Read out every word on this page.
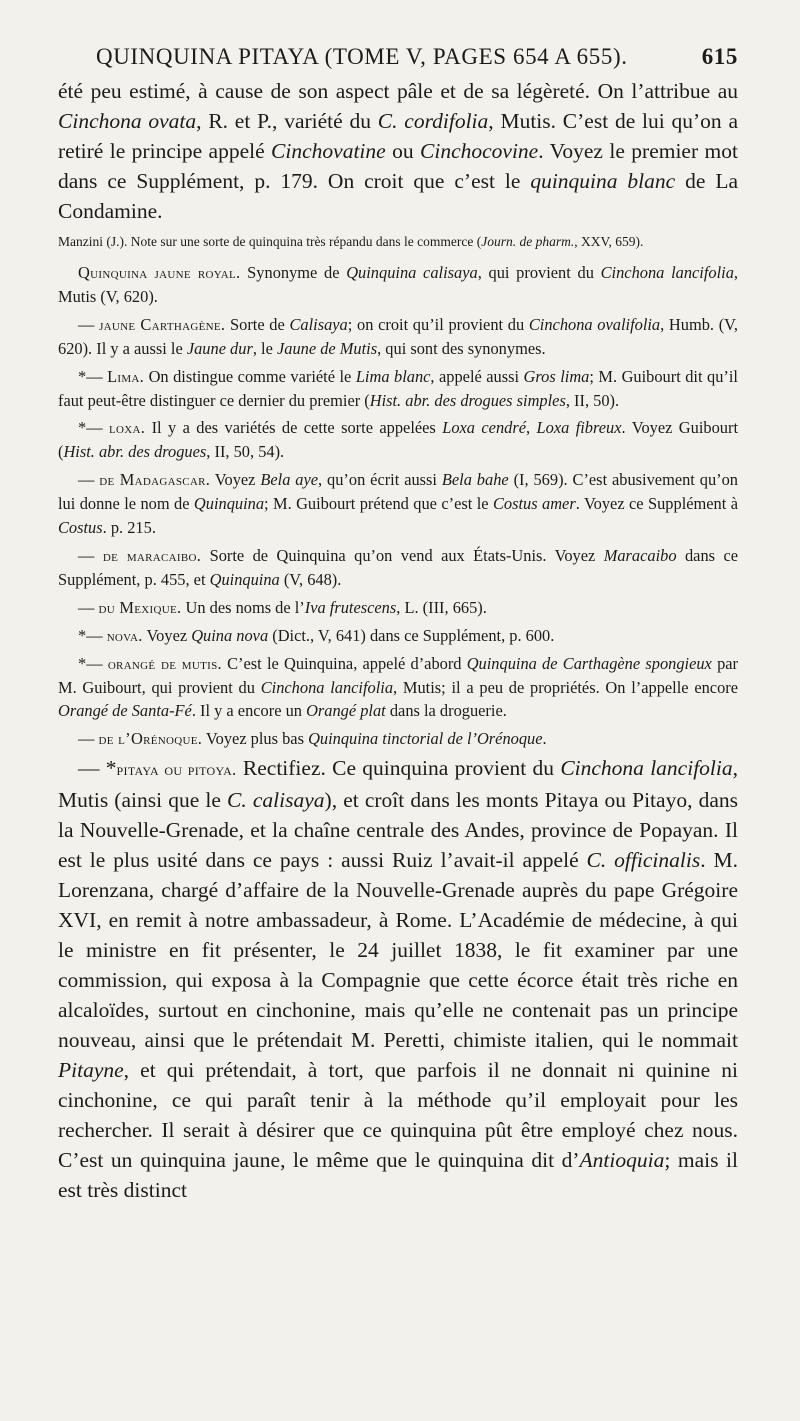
QUINQUINA PITAYA (TOME V, PAGES 654 A 655).	615

été peu estimé, à cause de son aspect pâle et de sa légèreté. On l’attribue au Cinchona ovata, R. et P., variété du C. cordifolia, Mutis. C’est de lui qu’on a retiré le principe appelé Cinchovatine ou Cinchocovine. Voyez le premier mot dans ce Supplément, p. 179. On croit que c’est le quinquina blanc de La Condamine.

Manzini (J.). Note sur une sorte de quinquina très répandu dans le commerce (Journ. de pharm., XXV, 659).

Quinquina jaune royal. Synonyme de Quinquina calisaya, qui provient du Cinchona lancifolia, Mutis (V, 620).

— jaune Carthagène. Sorte de Calisaya; on croit qu’il provient du Cinchona ovalifolia, Humb. (V, 620). Il y a aussi le Jaune dur, le Jaune de Mutis, qui sont des synonymes.

*— Lima. On distingue comme variété le Lima blanc, appelé aussi Gros lima; M. Guibourt dit qu’il faut peut-être distinguer ce dernier du premier (Hist. abr. des drogues simples, II, 50).

*— loxa. Il y a des variétés de cette sorte appelées Loxa cendré, Loxa fibreux. Voyez Guibourt (Hist. abr. des drogues, II, 50, 54).

— de Madagascar. Voyez Bela aye, qu’on écrit aussi Bela bahe (I, 569). C’est abusivement qu’on lui donne le nom de Quinquina; M. Guibourt prétend que c’est le Costus amer. Voyez ce Supplément à Costus. p. 215.

— de maracaibo. Sorte de Quinquina qu’on vend aux États-Unis. Voyez Maracaibo dans ce Supplément, p. 455, et Quinquina (V, 648).

— du Mexique. Un des noms de l’Iva frutescens, L. (III, 665).

*— nova. Voyez Quina nova (Dict., V, 641) dans ce Supplément, p. 600.

*— orangé de mutis. C’est le Quinquina, appelé d’abord Quinquina de Carthagène spongieux par M. Guibourt, qui provient du Cinchona lancifolia, Mutis; il a peu de propriétés. On l’appelle encore Orangé de Santa-Fé. Il y a encore un Orangé plat dans la droguerie.

— de l’Orénoque. Voyez plus bas Quinquina tinctorial de l’Orénoque.

— *pitaya ou pitoya. Rectifiez. Ce quinquina provient du Cinchona lancifolia, Mutis (ainsi que le C. calisaya), et croît dans les monts Pitaya ou Pitayo, dans la Nouvelle-Grenade, et la chaîne centrale des Andes, province de Popayan. Il est le plus usité dans ce pays : aussi Ruiz l’avait-il appelé C. officinalis. M. Lorenzana, chargé d’affaire de la Nouvelle-Grenade auprès du pape Grégoire XVI, en remit à notre ambassadeur, à Rome. L’Académie de médecine, à qui le ministre en fit présenter, le 24 juillet 1838, le fit examiner par une commission, qui exposa à la Compagnie que cette écorce était très riche en alcaloïdes, surtout en cinchonine, mais qu’elle ne contenait pas un principe nouveau, ainsi que le prétendait M. Peretti, chimiste italien, qui le nommait Pitayne, et qui prétendait, à tort, que parfois il ne donnait ni quinine ni cinchonine, ce qui paraît tenir à la méthode qu’il employait pour les rechercher. Il serait à désirer que ce quinquina pût être employé chez nous. C’est un quinquina jaune, le même que le quinquina dit d’Antioquia; mais il est très distinct
